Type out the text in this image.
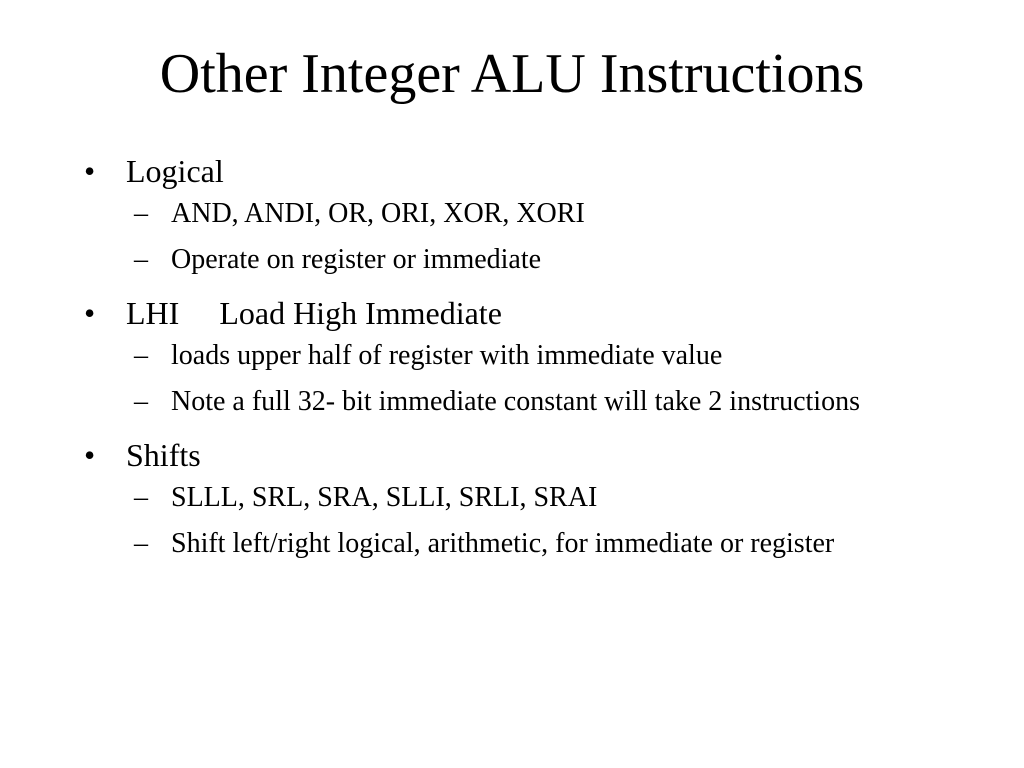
Other Integer ALU Instructions
• Logical
– AND, ANDI, OR, ORI, XOR, XORI
– Operate on register or immediate
• LHI     Load High Immediate
– loads upper half of register with immediate value
– Note a full 32- bit immediate constant will take 2 instructions
• Shifts
– SLLL, SRL, SRA, SLLI, SRLI, SRAI
– Shift left/right logical, arithmetic, for immediate or register
